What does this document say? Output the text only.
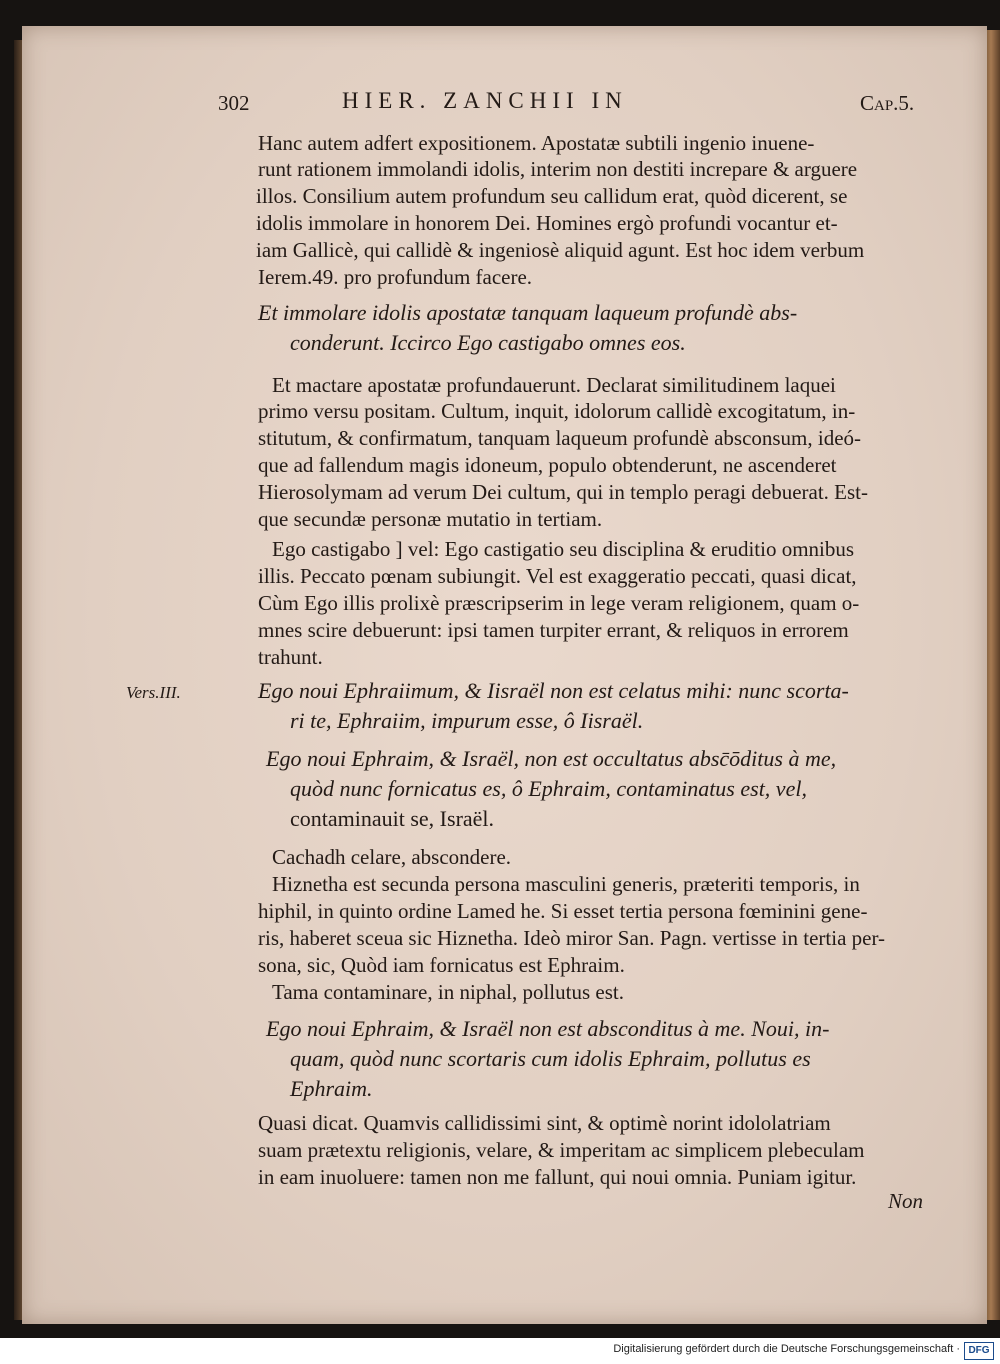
302	HIER. ZANCHII IN	Cap.5.
Hanc autem adfert expositionem. Apostatæ subtili ingenio inuene-
runt rationem immolandi idolis, interim non destiti increpare & arguere
illos. Consilium autem profundum seu callidum erat, quòd dicerent, se
idolis immolare in honorem Dei. Homines ergò profundi vocantur et-
iam Gallicè, qui callidè & ingeniosè aliquid agunt. Est hoc idem verbum
Ierem.49. pro profundum facere.
Et immolare idolis apostatæ tanquam laqueum profundè abs-
conderunt. Iccirco Ego castigabo omnes eos.
Et mactare apostatæ profundauerunt. Declarat similitudinem laquei
primo versu positam. Cultum, inquit, idolorum callidè excogitatum, in-
stitutum, & confirmatum, tanquam laqueum profundè absconsum, ideó-
que ad fallendum magis idoneum, populo obtenderunt, ne ascenderet
Hierosolymam ad verum Dei cultum, qui in templo peragi debuerat. Est-
que secundæ personæ mutatio in tertiam.
Ego castigabo ] vel: Ego castigatio seu disciplina & eruditio omnibus
illis. Peccato pœnam subiungit. Vel est exaggeratio peccati, quasi dicat,
Cùm Ego illis prolixè præscripserim in lege veram religionem, quam o-
mnes scire debuerunt: ipsi tamen turpiter errant, & reliquos in errorem
trahunt.
Vers.III.	Ego noui Ephraiimum, & Iisraël non est celatus mihi: nunc scorta-
ri te, Ephraiim, impurum esse, ô Iisraël.
Ego noui Ephraim, & Israël, non est occultatus absc̄ōditus à me,
quòd nunc fornicatus es, ô Ephraim, contaminatus est, vel,
contaminauit se, Israël.
Cachadh celare, abscondere.
Hiznetha est secunda persona masculini generis, præteriti temporis, in
hiphil, in quinto ordine Lamed he. Si esset tertia persona fœminini gene-
ris, haberet sceua sic Hiznetha. Ideò miror San. Pagn. vertisse in tertia per-
sona, sic, Quòd iam fornicatus est Ephraim.
Tama contaminare, in niphal, pollutus est.
Ego noui Ephraim, & Israël non est absconditus à me. Noui, in-
quam, quòd nunc scortaris cum idolis Ephraim, pollutus es
Ephraim.
Quasi dicat. Quamvis callidissimi sint, & optimè norint idololatriam
suam prætextu religionis, velare, & imperitam ac simplicem plebeculam
in eam inuoluere: tamen non me fallunt, qui noui omnia. Puniam igitur.
Non
Digitalisierung gefördert durch die Deutsche Forschungsgemeinschaft · DFG
